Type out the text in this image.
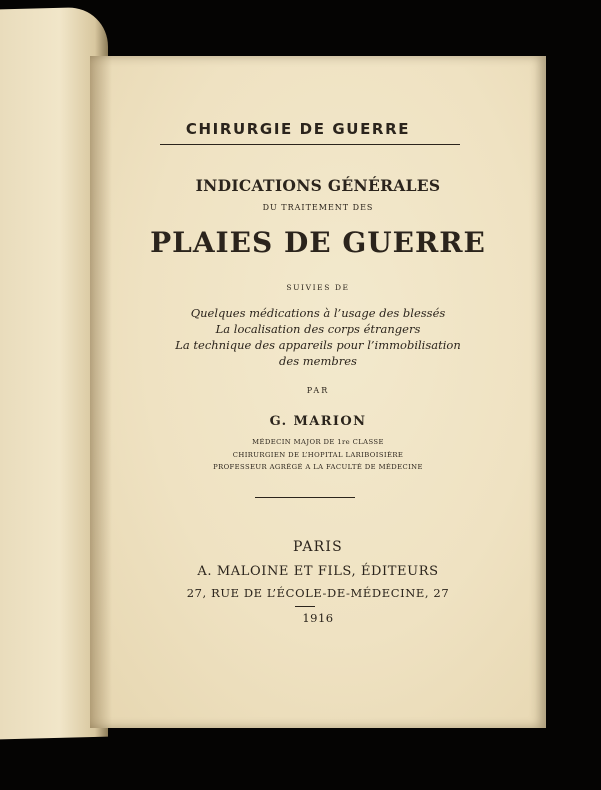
CHIRURGIE DE GUERRE

INDICATIONS GÉNÉRALES

DU TRAITEMENT DES

PLAIES DE GUERRE

SUIVIES DE

Quelques médications à l’usage des blessés

La localisation des corps étrangers

La technique des appareils pour l’immobilisation

des membres

PAR

G. MARION

MÉDECIN MAJOR DE 1re CLASSE

CHIRURGIEN DE L’HOPITAL LARIBOISIÈRE

PROFESSEUR AGRÉGÉ A LA FACULTÉ DE MÉDECINE

PARIS

A. MALOINE ET FILS, ÉDITEURS

27, RUE DE L’ÉCOLE-DE-MÉDECINE, 27

1916
